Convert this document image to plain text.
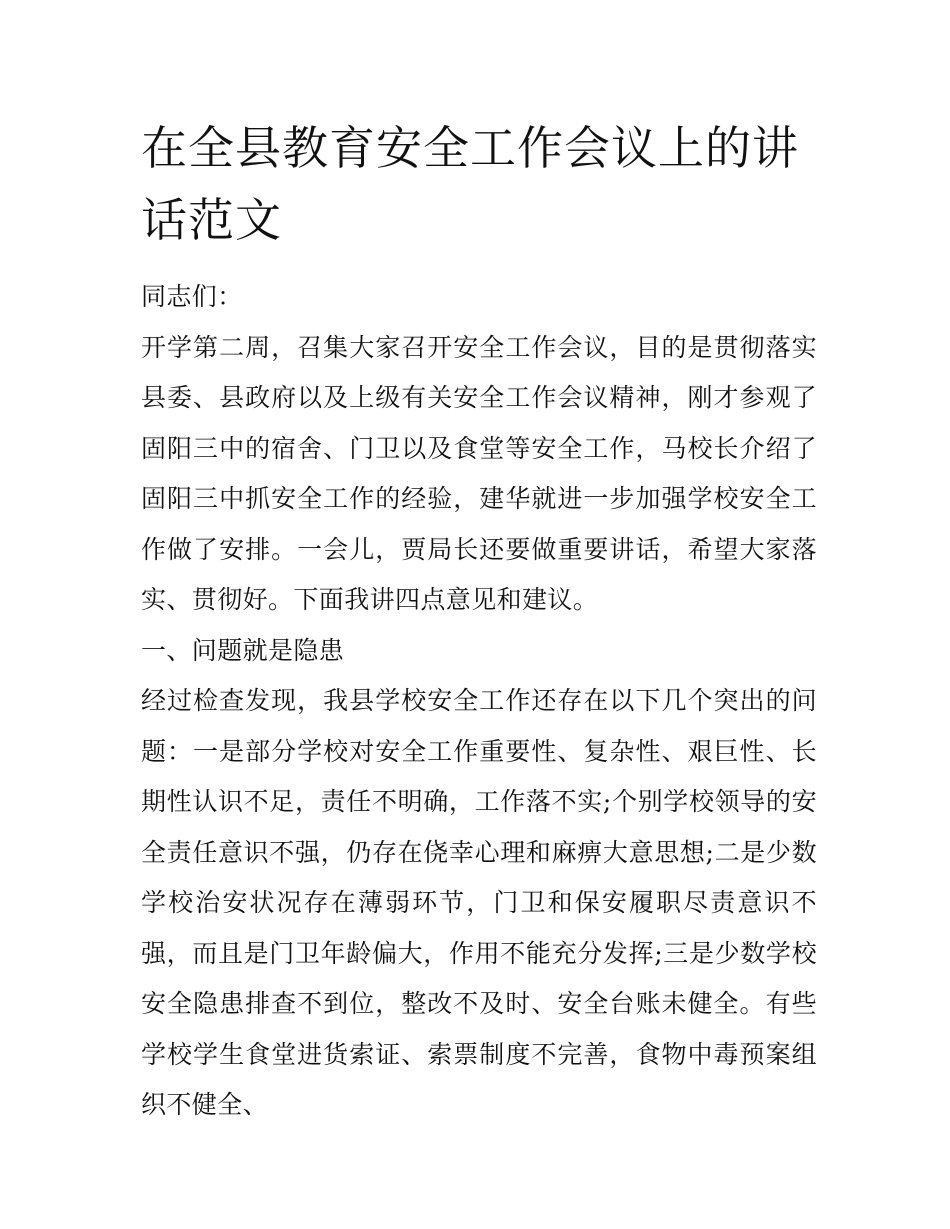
在全县教育安全工作会议上的讲话范文

同志们：

开学第二周，召集大家召开安全工作会议，目的是贯彻落实县委、县政府以及上级有关安全工作会议精神，刚才参观了固阳三中的宿舍、门卫以及食堂等安全工作，马校长介绍了固阳三中抓安全工作的经验，建华就进一步加强学校安全工作做了安排。一会儿，贾局长还要做重要讲话，希望大家落实、贯彻好。下面我讲四点意见和建议。

一、问题就是隐患

经过检查发现，我县学校安全工作还存在以下几个突出的问题：一是部分学校对安全工作重要性、复杂性、艰巨性、长期性认识不足，责任不明确，工作落不实;个别学校领导的安全责任意识不强，仍存在侥幸心理和麻痹大意思想;二是少数学校治安状况存在薄弱环节，门卫和保安履职尽责意识不强，而且是门卫年龄偏大，作用不能充分发挥;三是少数学校安全隐患排查不到位，整改不及时、安全台账未健全。有些学校学生食堂进货索证、索票制度不完善，食物中毒预案组织不健全、
